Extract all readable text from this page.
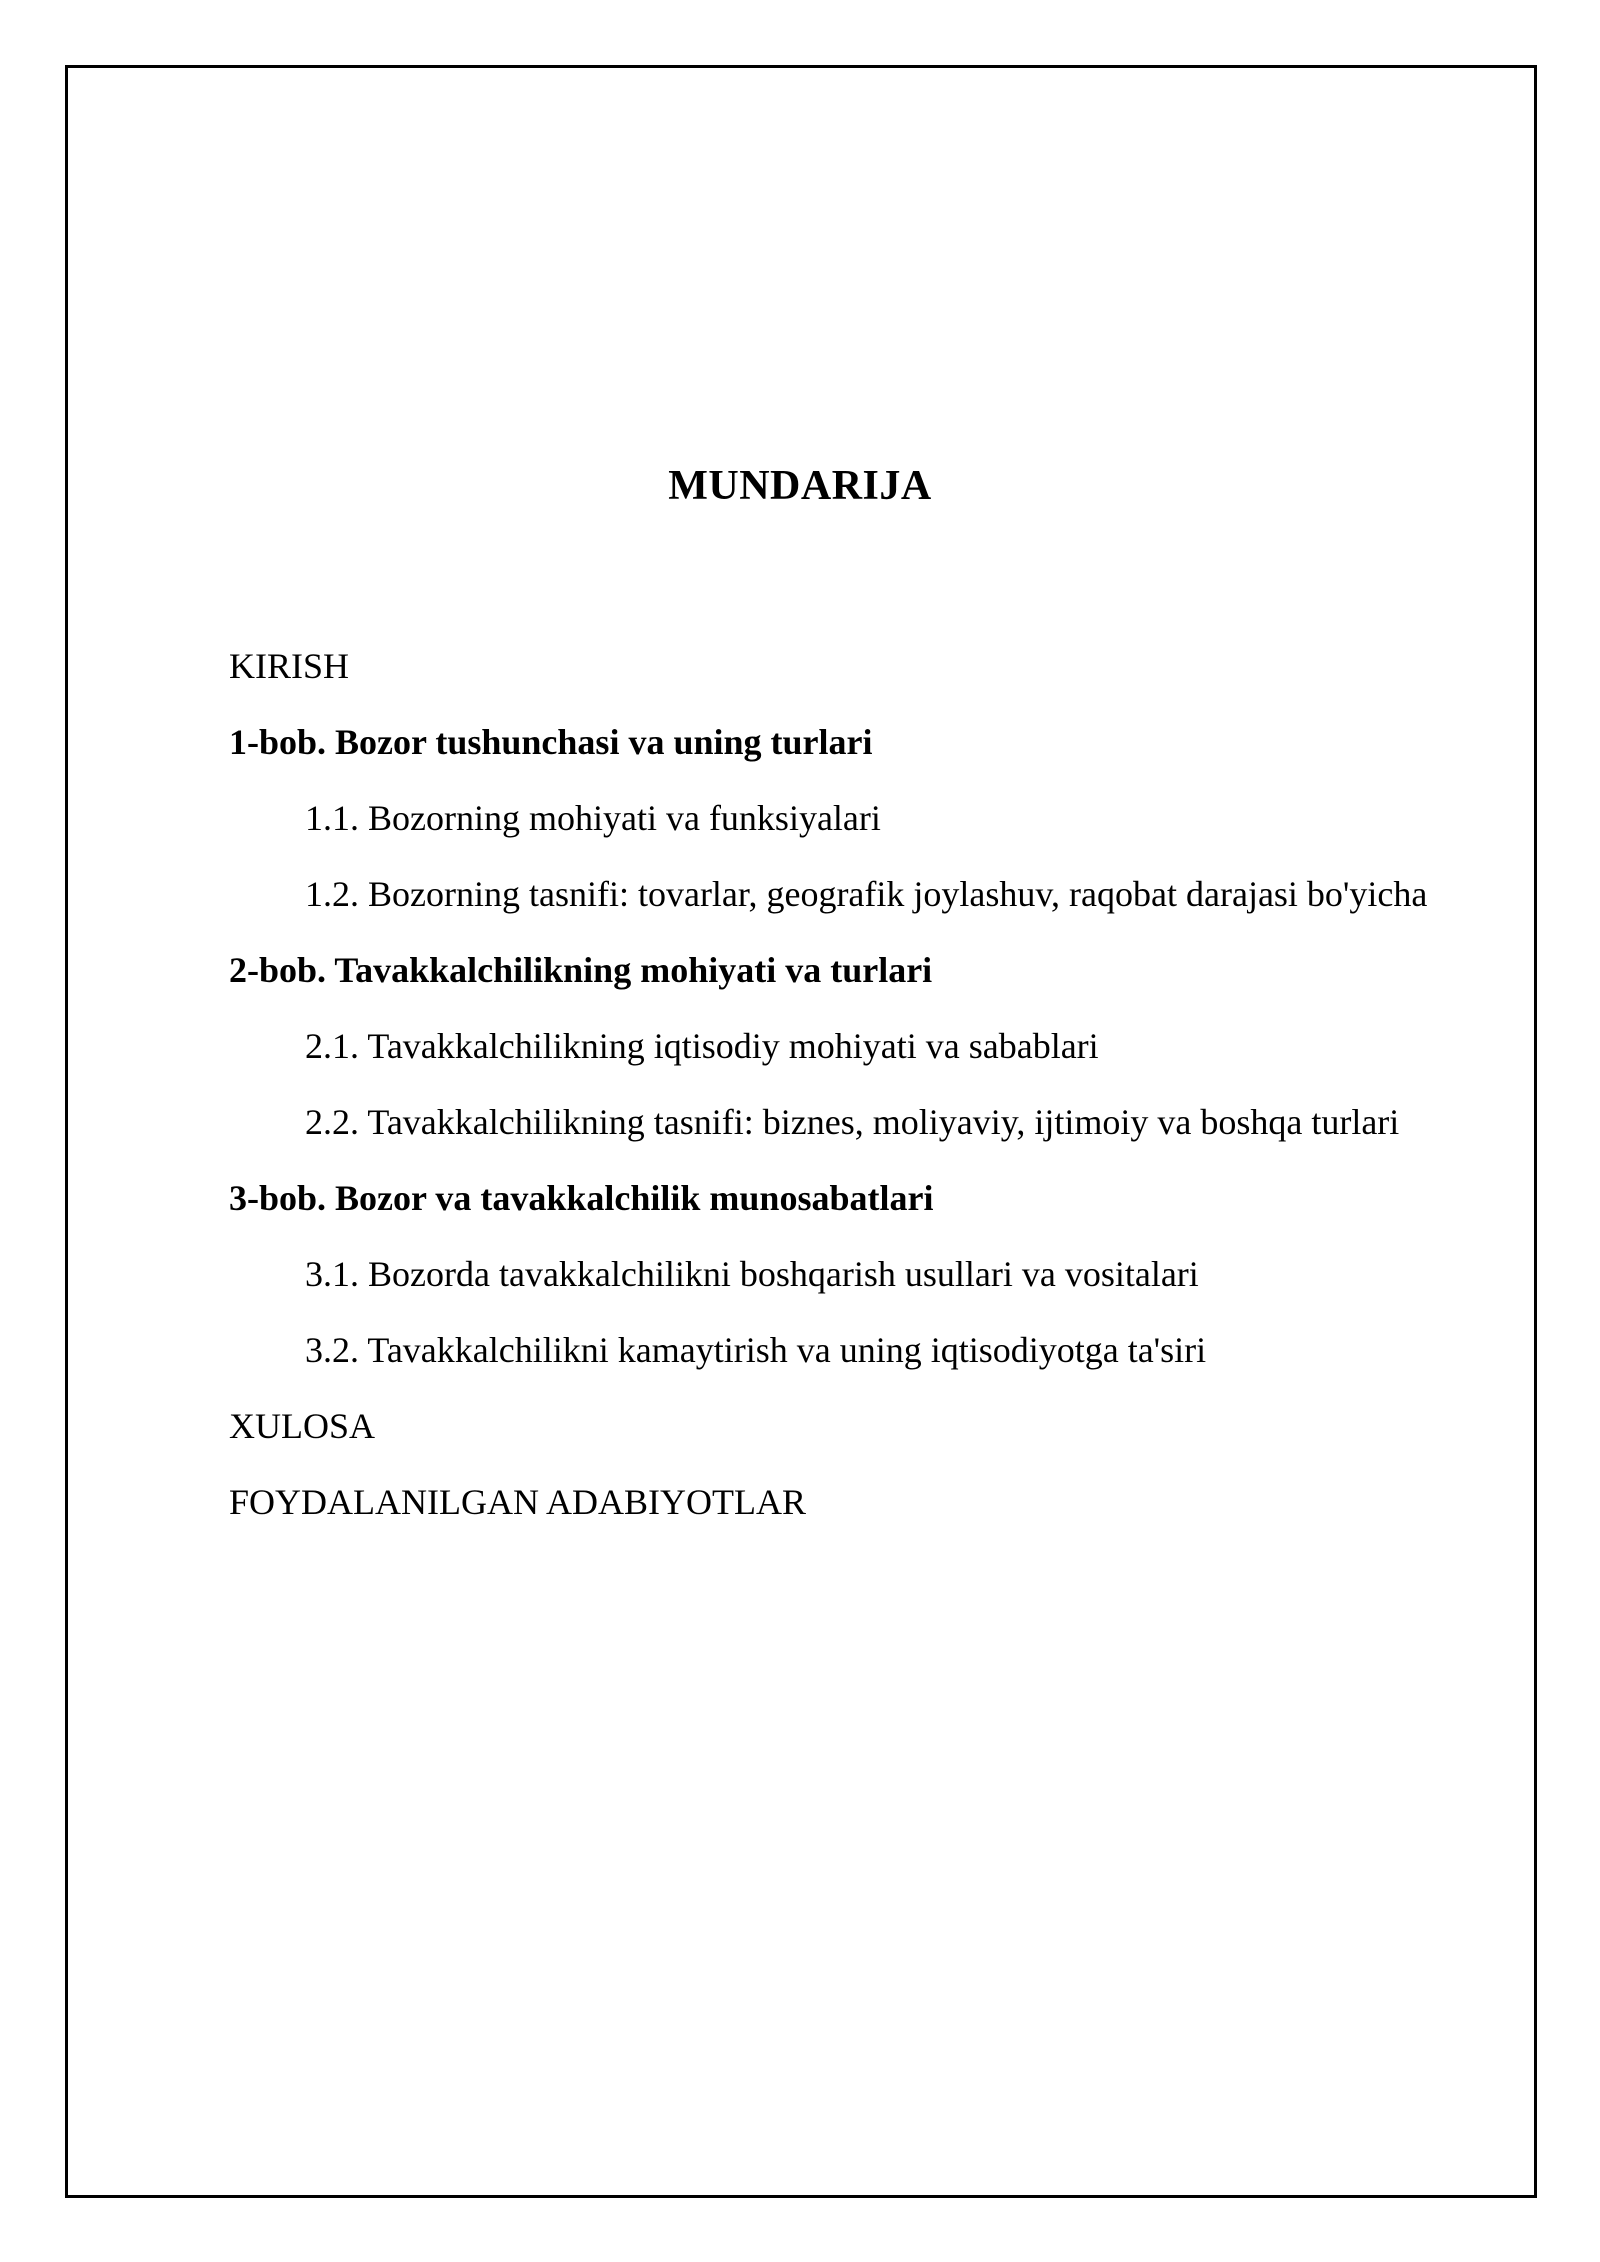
MUNDARIJA
KIRISH
1-bob. Bozor tushunchasi va uning turlari
1.1. Bozorning mohiyati va funksiyalari
1.2. Bozorning tasnifi: tovarlar, geografik joylashuv, raqobat darajasi bo'yicha
2-bob. Tavakkalchilikning mohiyati va turlari
2.1. Tavakkalchilikning iqtisodiy mohiyati va sabablari
2.2. Tavakkalchilikning tasnifi: biznes, moliyaviy, ijtimoiy va boshqa turlari
3-bob. Bozor va tavakkalchilik munosabatlari
3.1. Bozorda tavakkalchilikni boshqarish usullari va vositalari
3.2. Tavakkalchilikni kamaytirish va uning iqtisodiyotga ta'siri
XULOSA
FOYDALANILGAN ADABIYOTLAR
